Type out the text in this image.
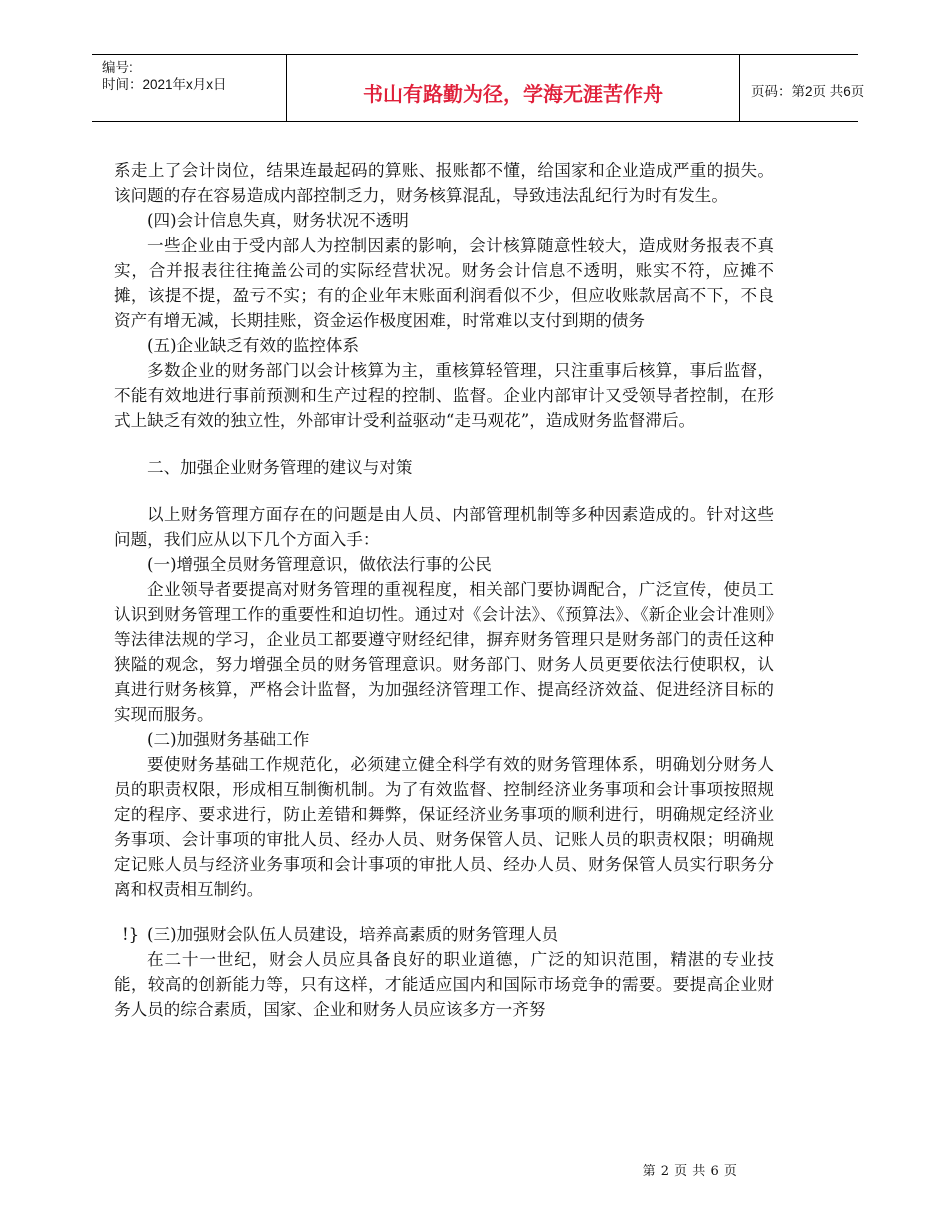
编号:
时间：2021年x月x日	书山有路勤为径，学海无涯苦作舟	页码：第2页 共6页

系走上了会计岗位，结果连最起码的算账、报账都不懂，给国家和企业造成严重的损失。该问题的存在容易造成内部控制乏力，财务核算混乱，导致违法乱纪行为时有发生。

(四)会计信息失真，财务状况不透明

一些企业由于受内部人为控制因素的影响，会计核算随意性较大，造成财务报表不真实，合并报表往往掩盖公司的实际经营状况。财务会计信息不透明，账实不符，应摊不摊，该提不提，盈亏不实；有的企业年末账面利润看似不少，但应收账款居高不下，不良资产有增无减，长期挂账，资金运作极度困难，时常难以支付到期的债务

(五)企业缺乏有效的监控体系

多数企业的财务部门以会计核算为主，重核算轻管理，只注重事后核算，事后监督，不能有效地进行事前预测和生产过程的控制、监督。企业内部审计又受领导者控制，在形式上缺乏有效的独立性，外部审计受利益驱动“走马观花”，造成财务监督滞后。

二、加强企业财务管理的建议与对策

以上财务管理方面存在的问题是由人员、内部管理机制等多种因素造成的。针对这些问题，我们应从以下几个方面入手：

(一)增强全员财务管理意识，做依法行事的公民

企业领导者要提高对财务管理的重视程度，相关部门要协调配合，广泛宣传，使员工认识到财务管理工作的重要性和迫切性。通过对《会计法》、《预算法》、《新企业会计准则》等法律法规的学习，企业员工都要遵守财经纪律，摒弃财务管理只是财务部门的责任这种狭隘的观念，努力增强全员的财务管理意识。财务部门、财务人员更要依法行使职权，认真进行财务核算，严格会计监督，为加强经济管理工作、提高经济效益、促进经济目标的实现而服务。

(二)加强财务基础工作

要使财务基础工作规范化，必须建立健全科学有效的财务管理体系，明确划分财务人员的职责权限，形成相互制衡机制。为了有效监督、控制经济业务事项和会计事项按照规定的程序、要求进行，防止差错和舞弊，保证经济业务事项的顺利进行，明确规定经济业务事项、会计事项的审批人员、经办人员、财务保管人员、记账人员的职责权限；明确规定记账人员与经济业务事项和会计事项的审批人员、经办人员、财务保管人员实行职务分离和权责相互制约。

!} (三)加强财会队伍人员建设，培养高素质的财务管理人员

在二十一世纪，财会人员应具备良好的职业道德，广泛的知识范围，精湛的专业技能，较高的创新能力等，只有这样，才能适应国内和国际市场竞争的需要。要提高企业财务人员的综合素质，国家、企业和财务人员应该多方一齐努

第 2 页 共 6 页
